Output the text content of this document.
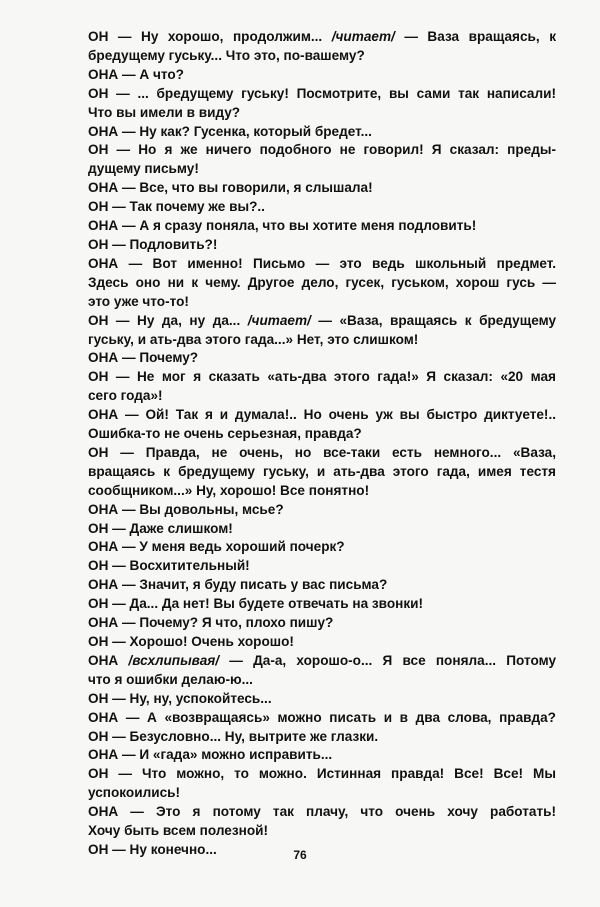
ОН — Ну хорошо, продолжим... /читает/ — Ваза вращаясь, к
бредущему гуську... Что это, по-вашему?
ОНА — А что?
ОН — ... бредущему гуську! Посмотрите, вы сами так написали!
Что вы имели в виду?
ОНА — Ну как? Гусенка, который бредет...
ОН — Но я же ничего подобного не говорил! Я сказал: преды-
дущему письму!
ОНА — Все, что вы говорили, я слышала!
ОН — Так почему же вы?..
ОНА — А я сразу поняла, что вы хотите меня подловить!
ОН — Подловить?!
ОНА — Вот именно! Письмо — это ведь школьный предмет.
Здесь оно ни к чему. Другое дело, гусек, гуськом, хорош гусь —
это уже что-то!
ОН — Ну да, ну да... /читает/ — «Ваза, вращаясь к бредущему
гуську, и ать-два этого гада...» Нет, это слишком!
ОНА — Почему?
ОН — Не мог я сказать «ать-два этого гада!» Я сказал: «20 мая
сего года»!
ОНА — Ой! Так я и думала!.. Но очень уж вы быстро диктуете!..
Ошибка-то не очень серьезная, правда?
ОН — Правда, не очень, но все-таки есть немного... «Ваза,
вращаясь к бредущему гуську, и ать-два этого гада, имея тестя
сообщником...» Ну, хорошо! Все понятно!
ОНА — Вы довольны, мсье?
ОН — Даже слишком!
ОНА — У меня ведь хороший почерк?
ОН — Восхитительный!
ОНА — Значит, я буду писать у вас письма?
ОН — Да... Да нет! Вы будете отвечать на звонки!
ОНА — Почему? Я что, плохо пишу?
ОН — Хорошо! Очень хорошо!
ОНА /всхлипывая/ — Да-а, хорошо-о... Я все поняла... Потому
что я ошибки делаю-ю...
ОН — Ну, ну, успокойтесь...
ОНА — А «возвращаясь» можно писать и в два слова, правда?
ОН — Безусловно... Ну, вытрите же глазки.
ОНА — И «гада» можно исправить...
ОН — Что можно, то можно. Истинная правда! Все! Все! Мы
успокоились!
ОНА — Это я потому так плачу, что очень хочу работать!
Хочу быть всем полезной!
ОН — Ну конечно...	76
